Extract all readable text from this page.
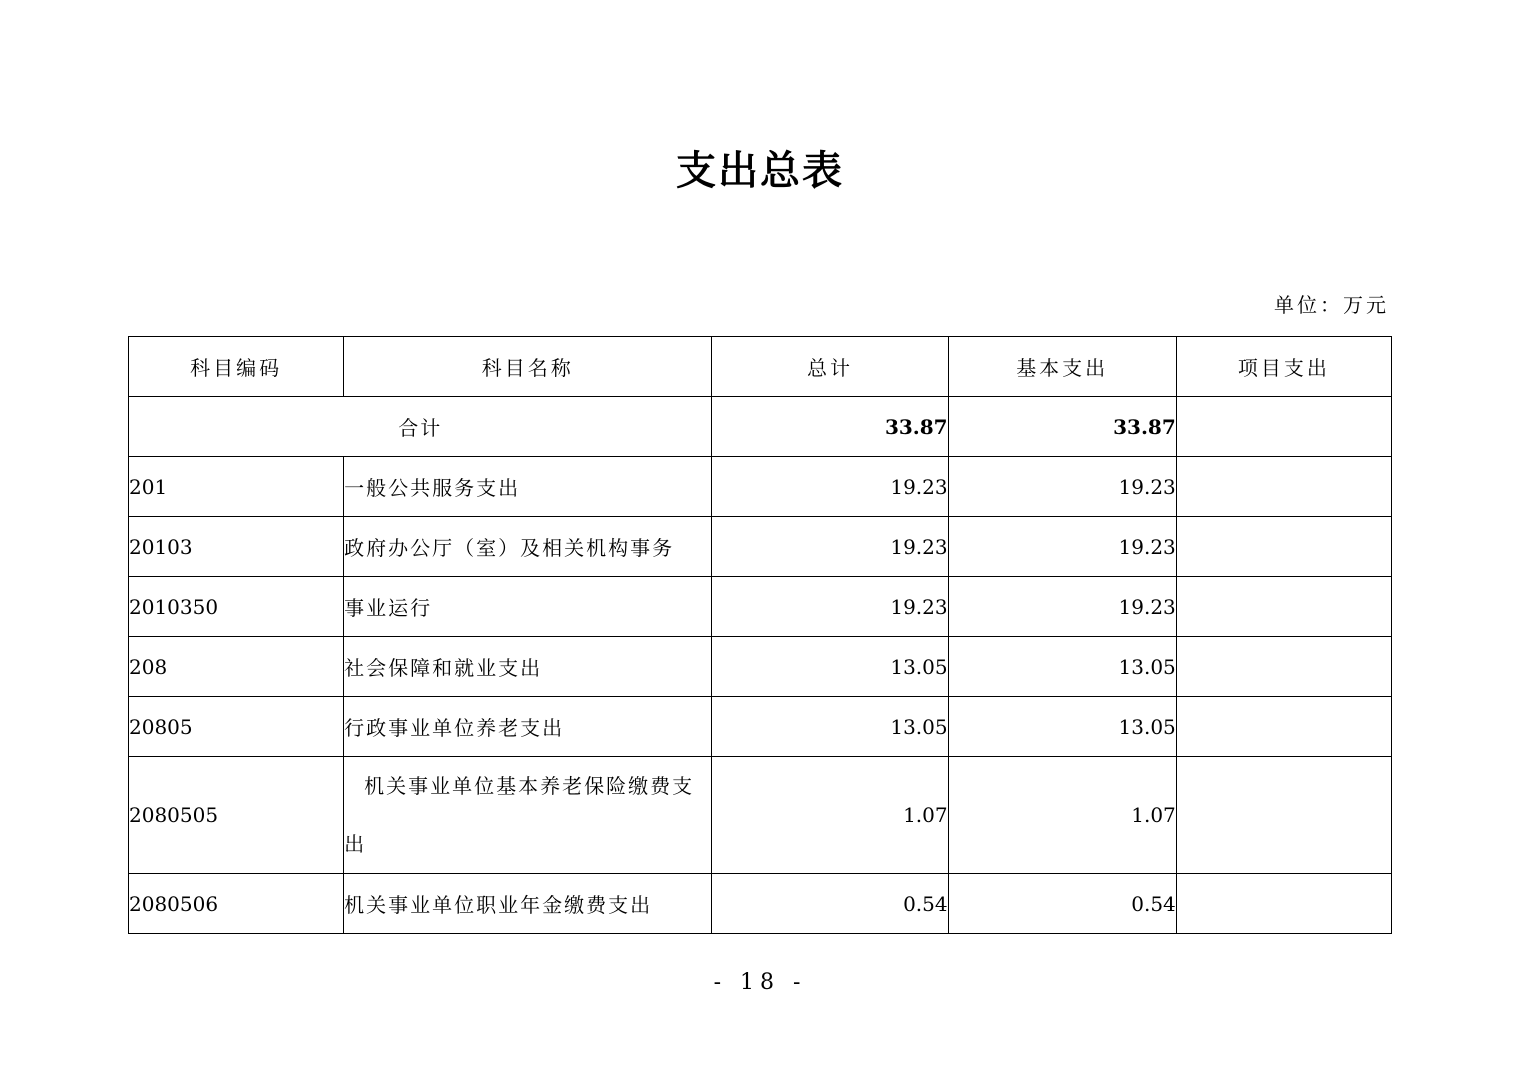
支出总表
单位：万元
科目编码	科目名称	总计	基本支出	项目支出
合计		33.87	33.87	
201	一般公共服务支出	19.23	19.23	
20103	政府办公厅（室）及相关机构事务	19.23	19.23	
2010350	事业运行	19.23	19.23	
208	社会保障和就业支出	13.05	13.05	
20805	行政事业单位养老支出	13.05	13.05	
2080505	机关事业单位基本养老保险缴费支出	1.07	1.07	
2080506	机关事业单位职业年金缴费支出	0.54	0.54	
- 18 -
